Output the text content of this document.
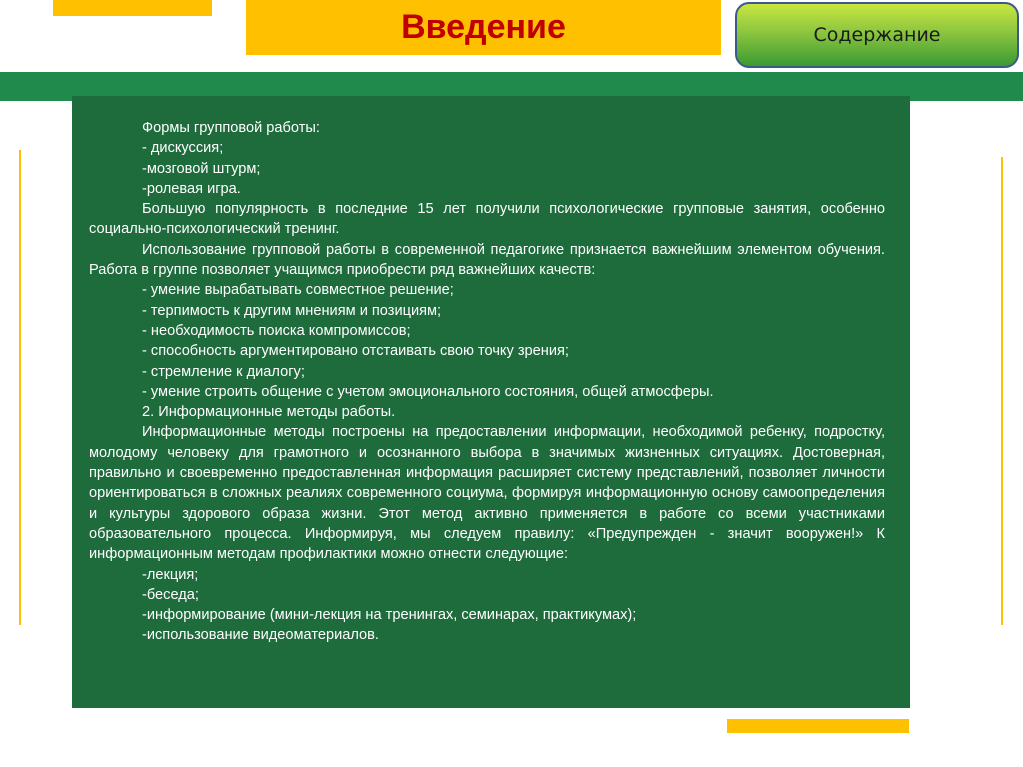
Введение	Содержание

Формы групповой работы:

- дискуссия;

-мозговой штурм;

-ролевая игра.

Большую популярность в последние 15 лет получили психологические групповые занятия, особенно социально-психологический тренинг.

Использование групповой работы в современной педагогике признается важнейшим элементом обучения. Работа в группе позволяет учащимся приобрести ряд важнейших качеств:

- умение вырабатывать совместное решение;

- терпимость к другим мнениям и позициям;

- необходимость поиска компромиссов;

- способность аргументировано отстаивать свою точку зрения;

- стремление к диалогу;

- умение строить общение с учетом эмоционального состояния, общей атмосферы.

2. Информационные методы работы.

Информационные методы построены на предоставлении информации, необходимой ребенку, подростку, молодому человеку для грамотного и осознанного выбора в значимых жизненных ситуациях. Достоверная, правильно и своевременно предоставленная информация расширяет систему представлений, позволяет личности ориентироваться в сложных реалиях современного социума, формируя информационную основу самоопределения и культуры здорового образа жизни. Этот метод активно применяется в работе со всеми участниками образовательного процесса. Информируя, мы следуем правилу: «Предупрежден - значит вооружен!» К информационным методам профилактики можно отнести следующие:

-лекция;

-беседа;

-информирование (мини-лекция на тренингах, семинарах, практикумах);

-использование видеоматериалов.
